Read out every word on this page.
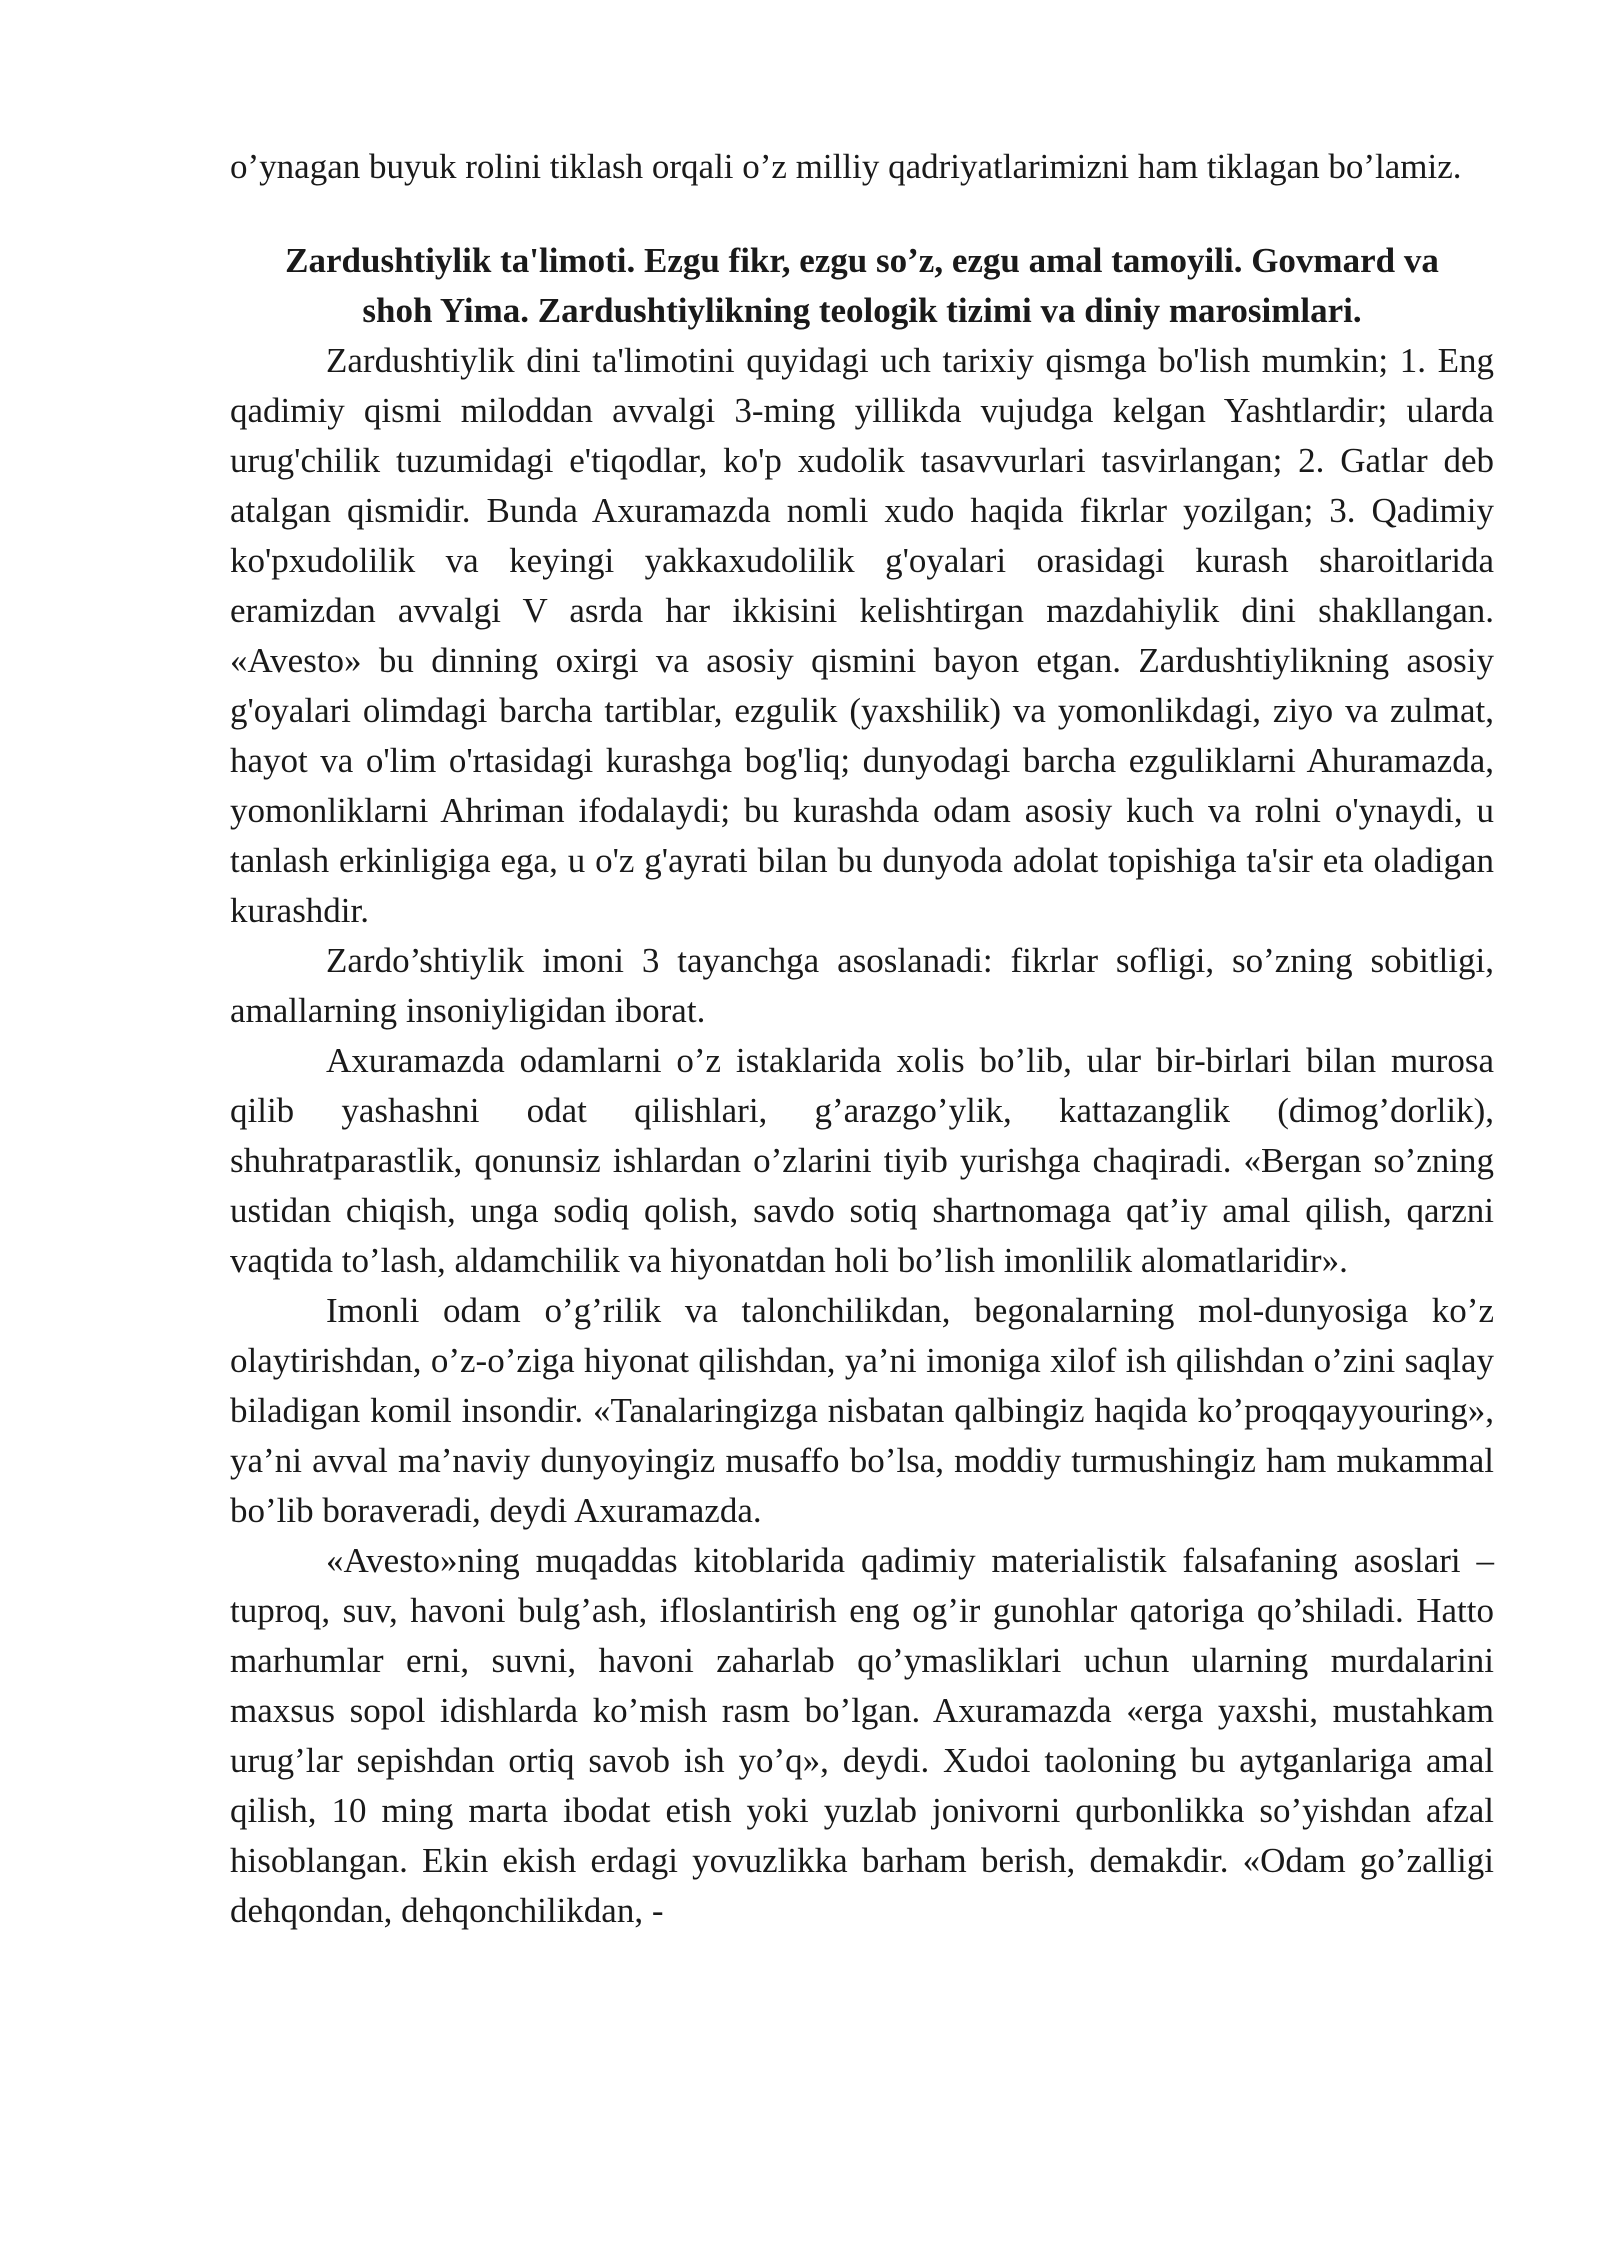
o’ynagan buyuk rolini tiklash orqali o’z milliy qadriyatlarimizni ham tiklagan bo’lamiz.

Zardushtiylik ta'limoti. Ezgu fikr, ezgu so’z, ezgu amal tamoyili. Govmard va shoh Yima. Zardushtiylikning teologik tizimi va diniy marosimlari.

Zardushtiylik dini ta'limotini quyidagi uch tarixiy qismga bo'lish mumkin; 1. Eng qadimiy qismi miloddan avvalgi 3-ming yillikda vujudga kelgan Yashtlardir; ularda urug'chilik tuzumidagi e'tiqodlar, ko'p xudolik tasavvurlari tasvirlangan; 2. Gatlar deb atalgan qismidir. Bunda Axuramazda nomli xudo haqida fikrlar yozilgan; 3. Qadimiy ko'pxudolilik va keyingi yakkaxudolilik g'oyalari orasidagi kurash sharoitlarida eramizdan avvalgi V asrda har ikkisini kelishtirgan mazdahiylik dini shakllangan. «Avesto» bu dinning oxirgi va asosiy qismini bayon etgan. Zardushtiylikning asosiy g'oyalari olimdagi barcha tartiblar, ezgulik (yaxshilik) va yomonlikdagi, ziyo va zulmat, hayot va o'lim o'rtasidagi kurashga bog'liq; dunyodagi barcha ezguliklarni Ahuramazda, yomonliklarni Ahriman ifodalaydi; bu kurashda odam asosiy kuch va rolni o'ynaydi, u tanlash erkinligiga ega, u o'z g'ayrati bilan bu dunyoda adolat topishiga ta'sir eta oladigan kurashdir.

Zardo’shtiylik imoni 3 tayanchga asoslanadi: fikrlar sofligi, so’zning sobitligi, amallarning insoniyligidan iborat.

Axuramazda odamlarni o’z istaklarida xolis bo’lib, ular bir-birlari bilan murosa qilib yashashni odat qilishlari, g’arazgo’ylik, kattazanglik (dimog’dorlik), shuhratparastlik, qonunsiz ishlardan o’zlarini tiyib yurishga chaqiradi. «Bergan so’zning ustidan chiqish, unga sodiq qolish, savdo sotiq shartnomaga qat’iy amal qilish, qarzni vaqtida to’lash, aldamchilik va hiyonatdan holi bo’lish imonlilik alomatlaridir».

Imonli odam o’g’rilik va talonchilikdan, begonalarning mol-dunyosiga ko’z olaytirishdan, o’z-o’ziga hiyonat qilishdan, ya’ni imoniga xilof ish qilishdan o’zini saqlay biladigan komil insondir. «Tanalaringizga nisbatan qalbingiz haqida ko’proqqayyouring», ya’ni avval ma’naviy dunyoyingiz musaffo bo’lsa, moddiy turmushingiz ham mukammal bo’lib boraveradi, deydi Axuramazda.

«Avesto»ning muqaddas kitoblarida qadimiy materialistik falsafaning asoslari – tuproq, suv, havoni bulg’ash, ifloslantirish eng og’ir gunohlar qatoriga qo’shiladi. Hatto marhumlar erni, suvni, havoni zaharlab qo’ymasliklari uchun ularning murdalarini maxsus sopol idishlarda ko’mish rasm bo’lgan. Axuramazda «erga yaxshi, mustahkam urug’lar sepishdan ortiq savob ish yo’q», deydi. Xudoi taoloning bu aytganlariga amal qilish, 10 ming marta ibodat etish yoki yuzlab jonivorni qurbonlikka so’yishdan afzal hisoblangan. Ekin ekish erdagi yovuzlikka barham berish, demakdir. «Odam go’zalligi dehqondan, dehqonchilikdan, -
